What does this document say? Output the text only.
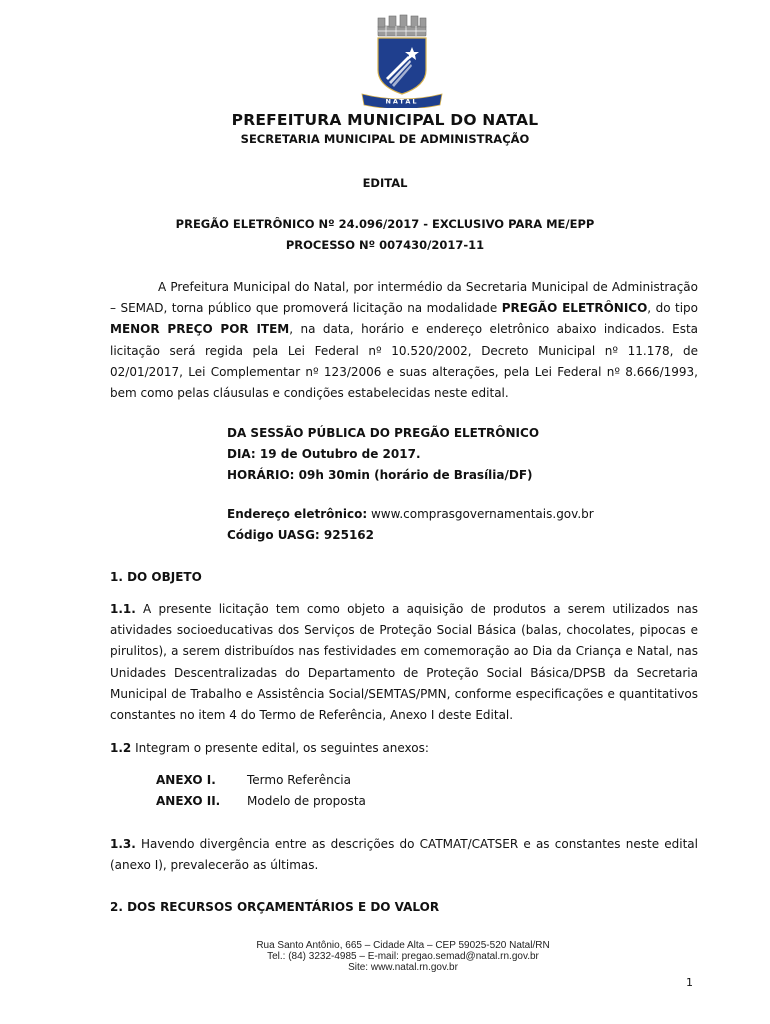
NATAL
PREFEITURA MUNICIPAL DO NATAL
SECRETARIA MUNICIPAL DE ADMINISTRAÇÃO
EDITAL
PREGÃO ELETRÔNICO Nº 24.096/2017 - EXCLUSIVO PARA ME/EPP
PROCESSO Nº 007430/2017-11
A Prefeitura Municipal do Natal, por intermédio da Secretaria Municipal de Administração – SEMAD, torna público que promoverá licitação na modalidade PREGÃO ELETRÔNICO, do tipo MENOR PREÇO POR ITEM, na data, horário e endereço eletrônico abaixo indicados. Esta licitação será regida pela Lei Federal nº 10.520/2002, Decreto Municipal nº 11.178, de 02/01/2017, Lei Complementar nº 123/2006 e suas alterações, pela Lei Federal nº 8.666/1993, bem como pelas cláusulas e condições estabelecidas neste edital.
DA SESSÃO PÚBLICA DO PREGÃO ELETRÔNICO
DIA: 19 de Outubro de 2017.
HORÁRIO: 09h 30min (horário de Brasília/DF)
Endereço eletrônico: www.comprasgovernamentais.gov.br
Código UASG: 925162
1. DO OBJETO
1.1. A presente licitação tem como objeto a aquisição de produtos a serem utilizados nas atividades socioeducativas dos Serviços de Proteção Social Básica (balas, chocolates, pipocas e pirulitos), a serem distribuídos nas festividades em comemoração ao Dia da Criança e Natal, nas Unidades Descentralizadas do Departamento de Proteção Social Básica/DPSB da Secretaria Municipal de Trabalho e Assistência Social/SEMTAS/PMN, conforme especificações e quantitativos constantes no item 4 do Termo de Referência, Anexo I deste Edital.
1.2 Integram o presente edital, os seguintes anexos:
ANEXO I.	Termo Referência
ANEXO II. Modelo de proposta
1.3. Havendo divergência entre as descrições do CATMAT/CATSER e as constantes neste edital (anexo I), prevalecerão as últimas.
2. DOS RECURSOS ORÇAMENTÁRIOS E DO VALOR
Rua Santo Antônio, 665 – Cidade Alta – CEP 59025-520 Natal/RN
Tel.: (84) 3232-4985 – E-mail: pregao.semad@natal.rn.gov.br
Site: www.natal.rn.gov.br
1
